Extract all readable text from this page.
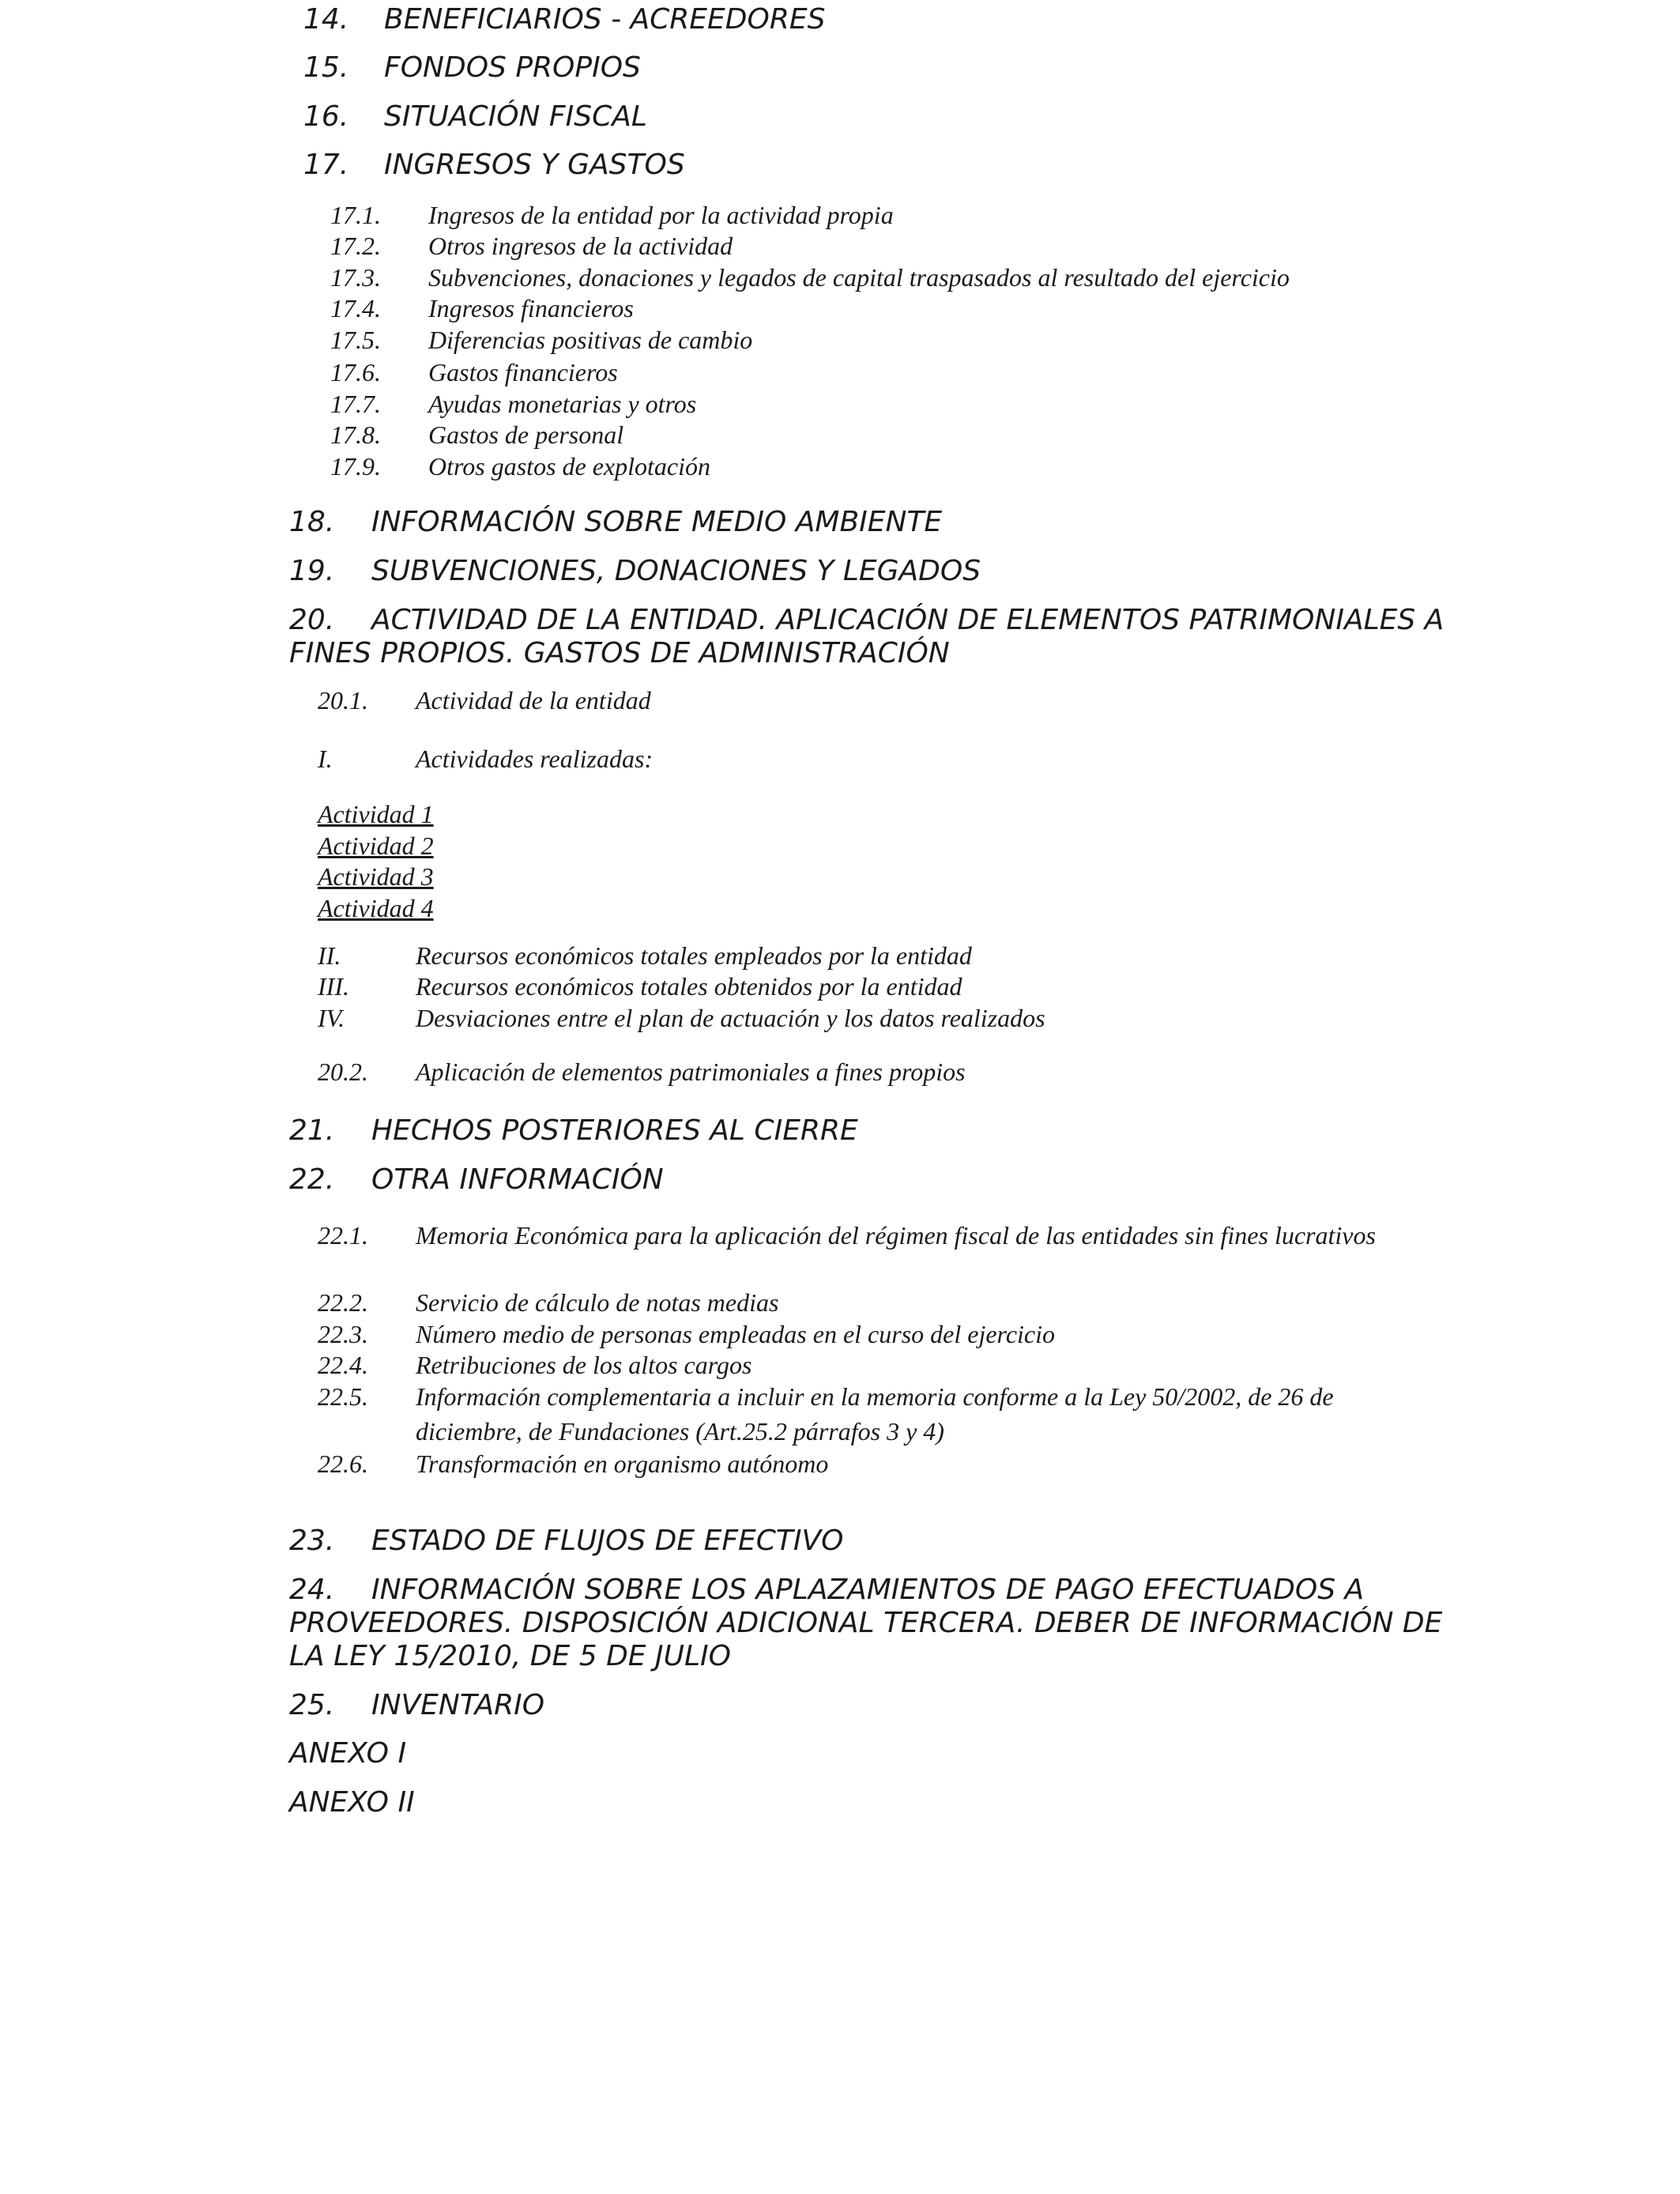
14. BENEFICIARIOS - ACREEDORES
15. FONDOS PROPIOS
16. SITUACIÓN FISCAL
17. INGRESOS Y GASTOS
17.1. Ingresos de la entidad por la actividad propia
17.2. Otros ingresos de la actividad
17.3. Subvenciones, donaciones y legados de capital traspasados al resultado del ejercicio
17.4. Ingresos financieros
17.5. Diferencias positivas de cambio
17.6. Gastos financieros
17.7. Ayudas monetarias y otros
17.8. Gastos de personal
17.9. Otros gastos de explotación
18. INFORMACIÓN SOBRE MEDIO AMBIENTE
19. SUBVENCIONES, DONACIONES Y LEGADOS
20. ACTIVIDAD DE LA ENTIDAD. APLICACIÓN DE ELEMENTOS PATRIMONIALES A FINES PROPIOS. GASTOS DE ADMINISTRACIÓN
20.1. Actividad de la entidad
I.	Actividades realizadas:
Actividad 1
Actividad 2
Actividad 3
Actividad 4
II.	Recursos económicos totales empleados por la entidad
III.	Recursos económicos totales obtenidos por la entidad
IV.	Desviaciones entre el plan de actuación y los datos realizados
20.2. Aplicación de elementos patrimoniales a fines propios
21. HECHOS POSTERIORES AL CIERRE
22. OTRA INFORMACIÓN
22.1. Memoria Económica para la aplicación del régimen fiscal de las entidades sin fines lucrativos
22.2. Servicio de cálculo de notas medias
22.3. Número medio de personas empleadas en el curso del ejercicio
22.4. Retribuciones de los altos cargos
22.5. Información complementaria a incluir en la memoria conforme a la Ley 50/2002, de 26 de diciembre, de Fundaciones (Art.25.2 párrafos 3 y 4)
22.6. Transformación en organismo autónomo
23. ESTADO DE FLUJOS DE EFECTIVO
24. INFORMACIÓN SOBRE LOS APLAZAMIENTOS DE PAGO EFECTUADOS A PROVEEDORES. DISPOSICIÓN ADICIONAL TERCERA. DEBER DE INFORMACIÓN DE LA LEY 15/2010, DE 5 DE JULIO
25. INVENTARIO
ANEXO I
ANEXO II
